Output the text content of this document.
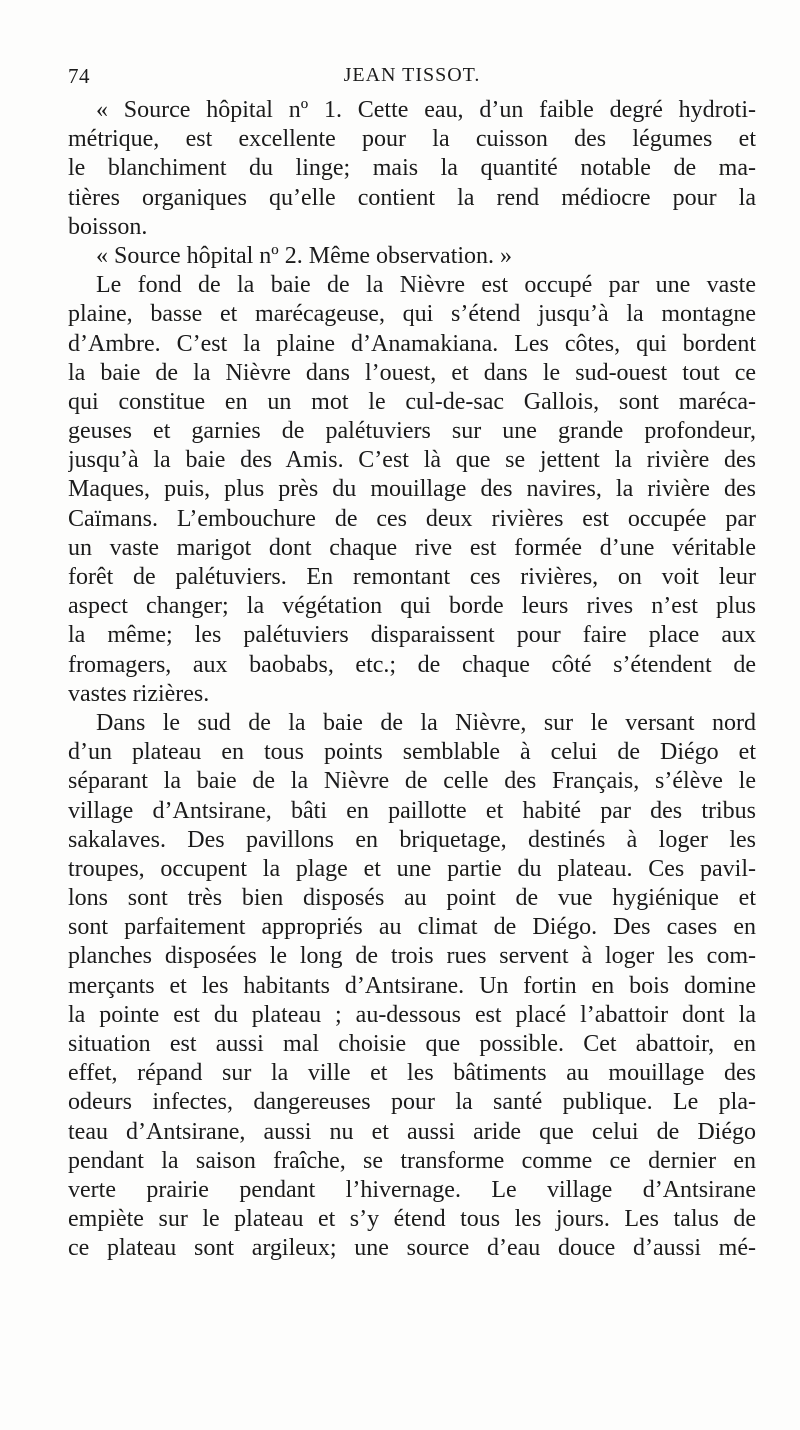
74	JEAN TISSOT.
« Source hôpital nº 1. Cette eau, d’un faible degré hydroti-
métrique, est excellente pour la cuisson des légumes et
le blanchiment du linge; mais la quantité notable de ma-
tières organiques qu’elle contient la rend médiocre pour la
boisson.
« Source hôpital nº 2. Même observation. »
Le fond de la baie de la Nièvre est occupé par une vaste
plaine, basse et marécageuse, qui s’étend jusqu’à la montagne
d’Ambre. C’est la plaine d’Anamakiana. Les côtes, qui bordent
la baie de la Nièvre dans l’ouest, et dans le sud-ouest tout ce
qui constitue en un mot le cul-de-sac Gallois, sont maréca-
geuses et garnies de palétuviers sur une grande profondeur,
jusqu’à la baie des Amis. C’est là que se jettent la rivière des
Maques, puis, plus près du mouillage des navires, la rivière des
Caïmans. L’embouchure de ces deux rivières est occupée par
un vaste marigot dont chaque rive est formée d’une véritable
forêt de palétuviers. En remontant ces rivières, on voit leur
aspect changer; la végétation qui borde leurs rives n’est plus
la même; les palétuviers disparaissent pour faire place aux
fromagers, aux baobabs, etc.; de chaque côté s’étendent de
vastes rizières.
Dans le sud de la baie de la Nièvre, sur le versant nord
d’un plateau en tous points semblable à celui de Diégo et
séparant la baie de la Nièvre de celle des Français, s’élève le
village d’Antsirane, bâti en paillotte et habité par des tribus
sakalaves. Des pavillons en briquetage, destinés à loger les
troupes, occupent la plage et une partie du plateau. Ces pavil-
lons sont très bien disposés au point de vue hygiénique et
sont parfaitement appropriés au climat de Diégo. Des cases en
planches disposées le long de trois rues servent à loger les com-
merçants et les habitants d’Antsirane. Un fortin en bois domine
la pointe est du plateau ; au-dessous est placé l’abattoir dont la
situation est aussi mal choisie que possible. Cet abattoir, en
effet, répand sur la ville et les bâtiments au mouillage des
odeurs infectes, dangereuses pour la santé publique. Le pla-
teau d’Antsirane, aussi nu et aussi aride que celui de Diégo
pendant la saison fraîche, se transforme comme ce dernier en
verte prairie pendant l’hivernage. Le village d’Antsirane
empiète sur le plateau et s’y étend tous les jours. Les talus de
ce plateau sont argileux; une source d’eau douce d’aussi mé-
